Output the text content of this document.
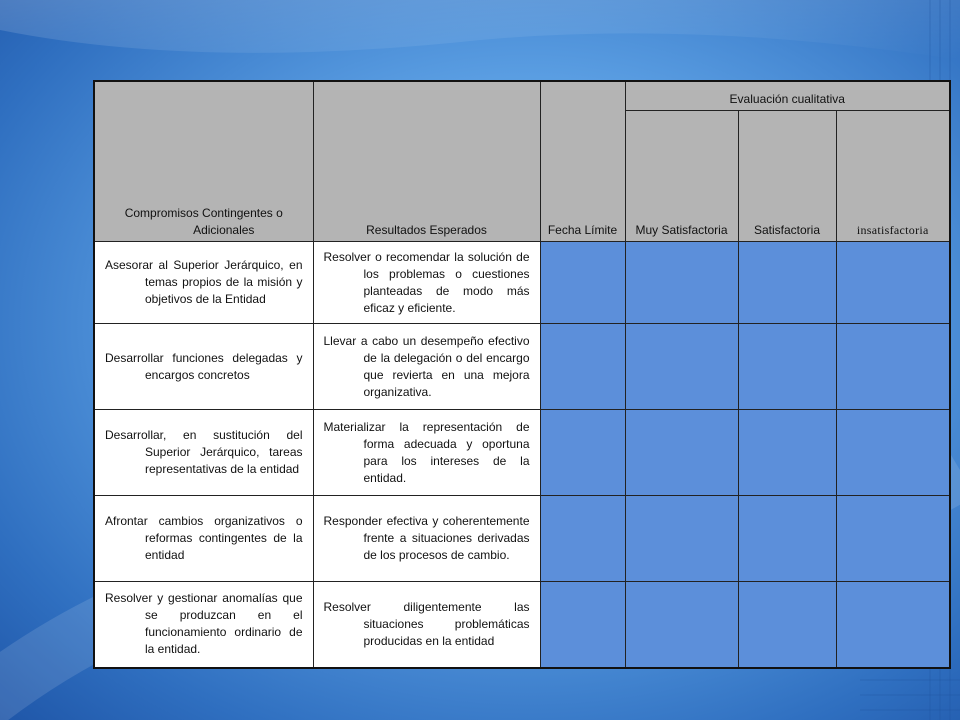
Compromisos Contingentes o Adicionales	Resultados Esperados	Fecha Límite	Evaluación cualitativa		
			Muy Satisfactoria	Satisfactoria	insatisfactoria

Asesorar al Superior Jerárquico, en temas propios de la misión y objetivos de la Entidad	Resolver o recomendar la solución de los problemas o cuestiones planteadas de modo más eficaz y eficiente.				

Desarrollar funciones delegadas y encargos concretos	Llevar a cabo un desempeño efectivo de la delegación o del encargo que revierta en una mejora organizativa.				

Desarrollar, en sustitución del Superior Jerárquico, tareas representativas de la entidad	Materializar la representación de forma adecuada y oportuna para los intereses de la entidad.				

Afrontar cambios organizativos o reformas contingentes de la entidad	Responder efectiva y coherentemente frente a situaciones derivadas de los procesos de cambio.				

Resolver y gestionar anomalías que se produzcan en el funcionamiento ordinario de la entidad.	Resolver diligentemente las situaciones problemáticas producidas en la entidad				
